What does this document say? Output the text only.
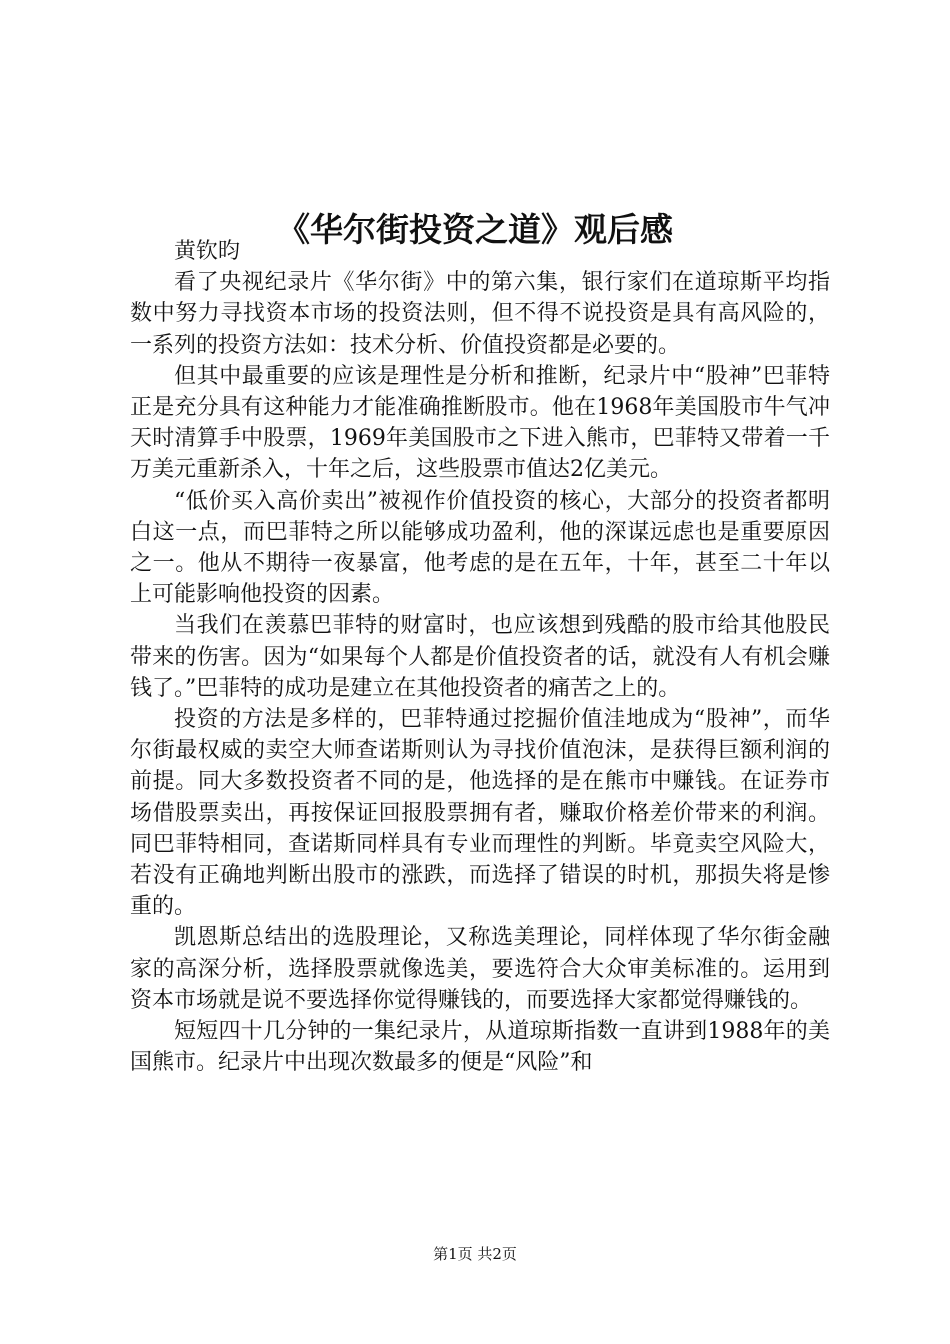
《华尔街投资之道》观后感

黄钦昀

看了央视纪录片《华尔街》中的第六集，银行家们在道琼斯平均指数中努力寻找资本市场的投资法则，但不得不说投资是具有高风险的，一系列的投资方法如：技术分析、价值投资都是必要的。

但其中最重要的应该是理性是分析和推断，纪录片中“股神”巴菲特正是充分具有这种能力才能准确推断股市。他在1968年美国股市牛气冲天时清算手中股票，1969年美国股市之下进入熊市，巴菲特又带着一千万美元重新杀入，十年之后，这些股票市值达2亿美元。

“低价买入高价卖出”被视作价值投资的核心，大部分的投资者都明白这一点，而巴菲特之所以能够成功盈利，他的深谋远虑也是重要原因之一。他从不期待一夜暴富，他考虑的是在五年，十年，甚至二十年以上可能影响他投资的因素。

当我们在羡慕巴菲特的财富时，也应该想到残酷的股市给其他股民带来的伤害。因为“如果每个人都是价值投资者的话，就没有人有机会赚钱了。”巴菲特的成功是建立在其他投资者的痛苦之上的。

投资的方法是多样的，巴菲特通过挖掘价值洼地成为“股神”，而华尔街最权威的卖空大师查诺斯则认为寻找价值泡沫，是获得巨额利润的前提。同大多数投资者不同的是，他选择的是在熊市中赚钱。在证券市场借股票卖出，再按保证回报股票拥有者，赚取价格差价带来的利润。同巴菲特相同，查诺斯同样具有专业而理性的判断。毕竟卖空风险大，若没有正确地判断出股市的涨跌，而选择了错误的时机，那损失将是惨重的。

凯恩斯总结出的选股理论，又称选美理论，同样体现了华尔街金融家的高深分析，选择股票就像选美，要选符合大众审美标准的。运用到资本市场就是说不要选择你觉得赚钱的，而要选择大家都觉得赚钱的。

短短四十几分钟的一集纪录片，从道琼斯指数一直讲到1988年的美国熊市。纪录片中出现次数最多的便是“风险”和

第1页 共2页
